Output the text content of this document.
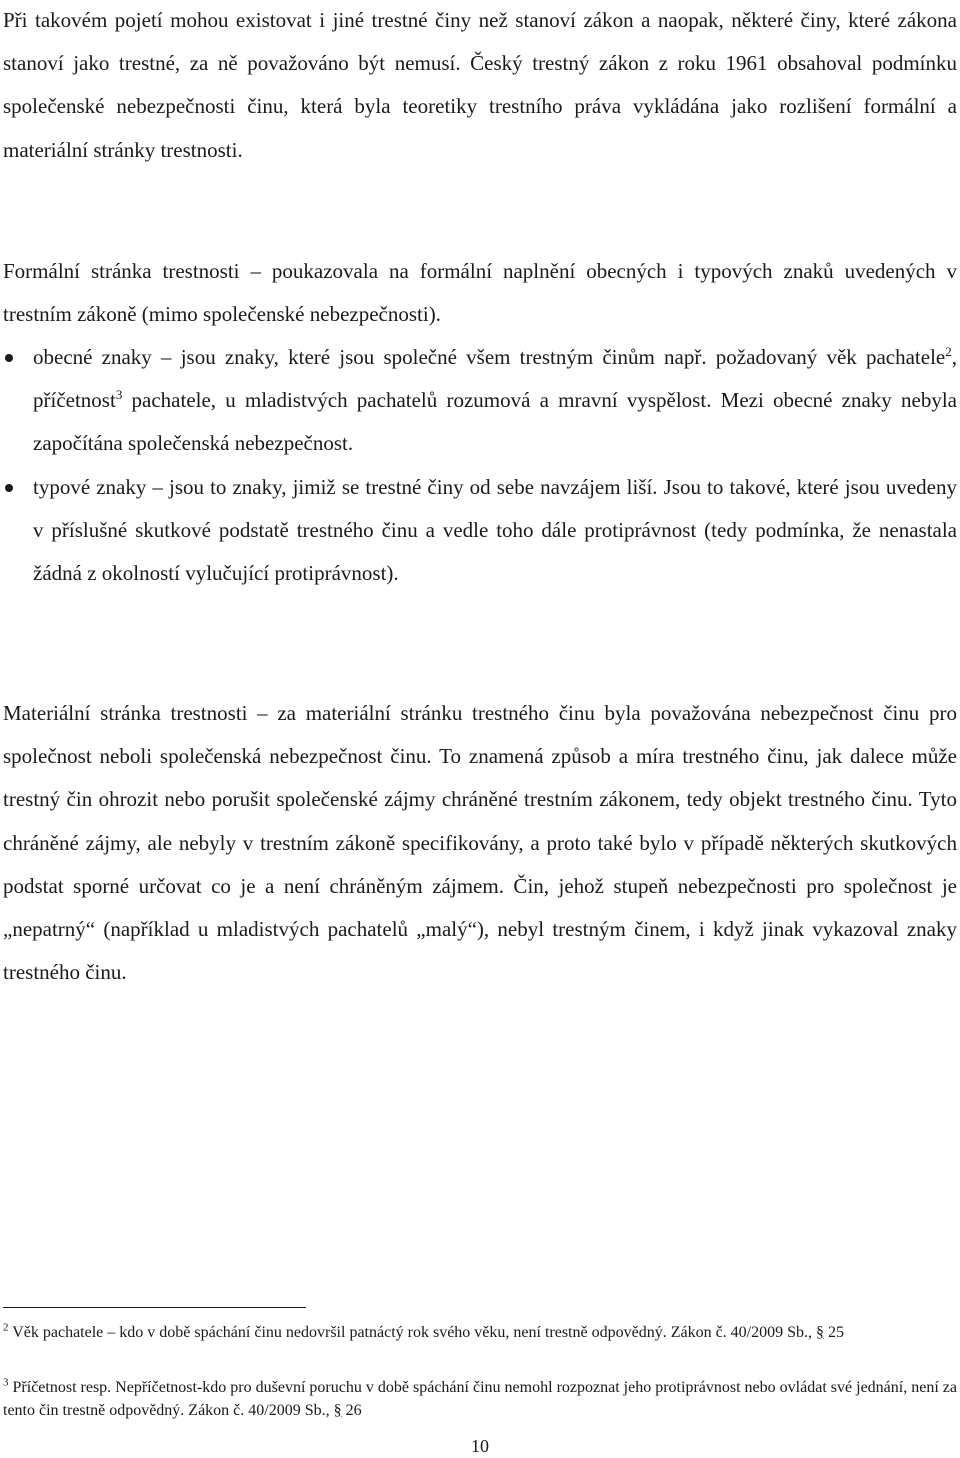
Při takovém pojetí mohou existovat i jiné trestné činy než stanoví zákon a naopak, některé činy, které zákona stanoví jako trestné, za ně považováno být nemusí. Český trestný zákon z roku 1961 obsahoval podmínku společenské nebezpečnosti činu, která byla teoretiky trestního práva vykládána jako rozlišení formální a materiální stránky trestnosti.

Formální stránka trestnosti – poukazovala na formální naplnění obecných i typových znaků uvedených v trestním zákoně (mimo společenské nebezpečnosti).

obecné znaky – jsou znaky, které jsou společné všem trestným činům např. požadovaný věk pachatele$^2$, příčetnost$^3$ pachatele, u mladistvých pachatelů rozumová a mravní vyspělost. Mezi obecné znaky nebyla započítána společenská nebezpečnost.
typové znaky – jsou to znaky, jimiž se trestné činy od sebe navzájem liší. Jsou to takové, které jsou uvedeny v příslušné skutkové podstatě trestného činu a vedle toho dále protiprávnost (tedy podmínka, že nenastala žádná z okolností vylučující protiprávnost).

Materiální stránka trestnosti – za materiální stránku trestného činu byla považována nebezpečnost činu pro společnost neboli společenská nebezpečnost činu. To znamená způsob a míra trestného činu, jak dalece může trestný čin ohrozit nebo porušit společenské zájmy chráněné trestním zákonem, tedy objekt trestného činu. Tyto chráněné zájmy, ale nebyly v trestním zákoně specifikovány, a proto také bylo v případě některých skutkových podstat sporné určovat co je a není chráněným zájmem. Čin, jehož stupeň nebezpečnosti pro společnost je „nepatrný“ (například u mladistvých pachatelů „malý“), nebyl trestným činem, i když jinak vykazoval znaky trestného činu.

$^2$ Věk pachatele – kdo v době spáchání činu nedovršil patnáctý rok svého věku, není trestně odpovědný. Zákon č. 40/2009 Sb., § 25

$^3$ Příčetnost resp. Nepříčetnost-kdo pro duševní poruchu v době spáchání činu nemohl rozpoznat jeho protiprávnost nebo ovládat své jednání, není za tento čin trestně odpovědný. Zákon č. 40/2009 Sb., § 26

10
